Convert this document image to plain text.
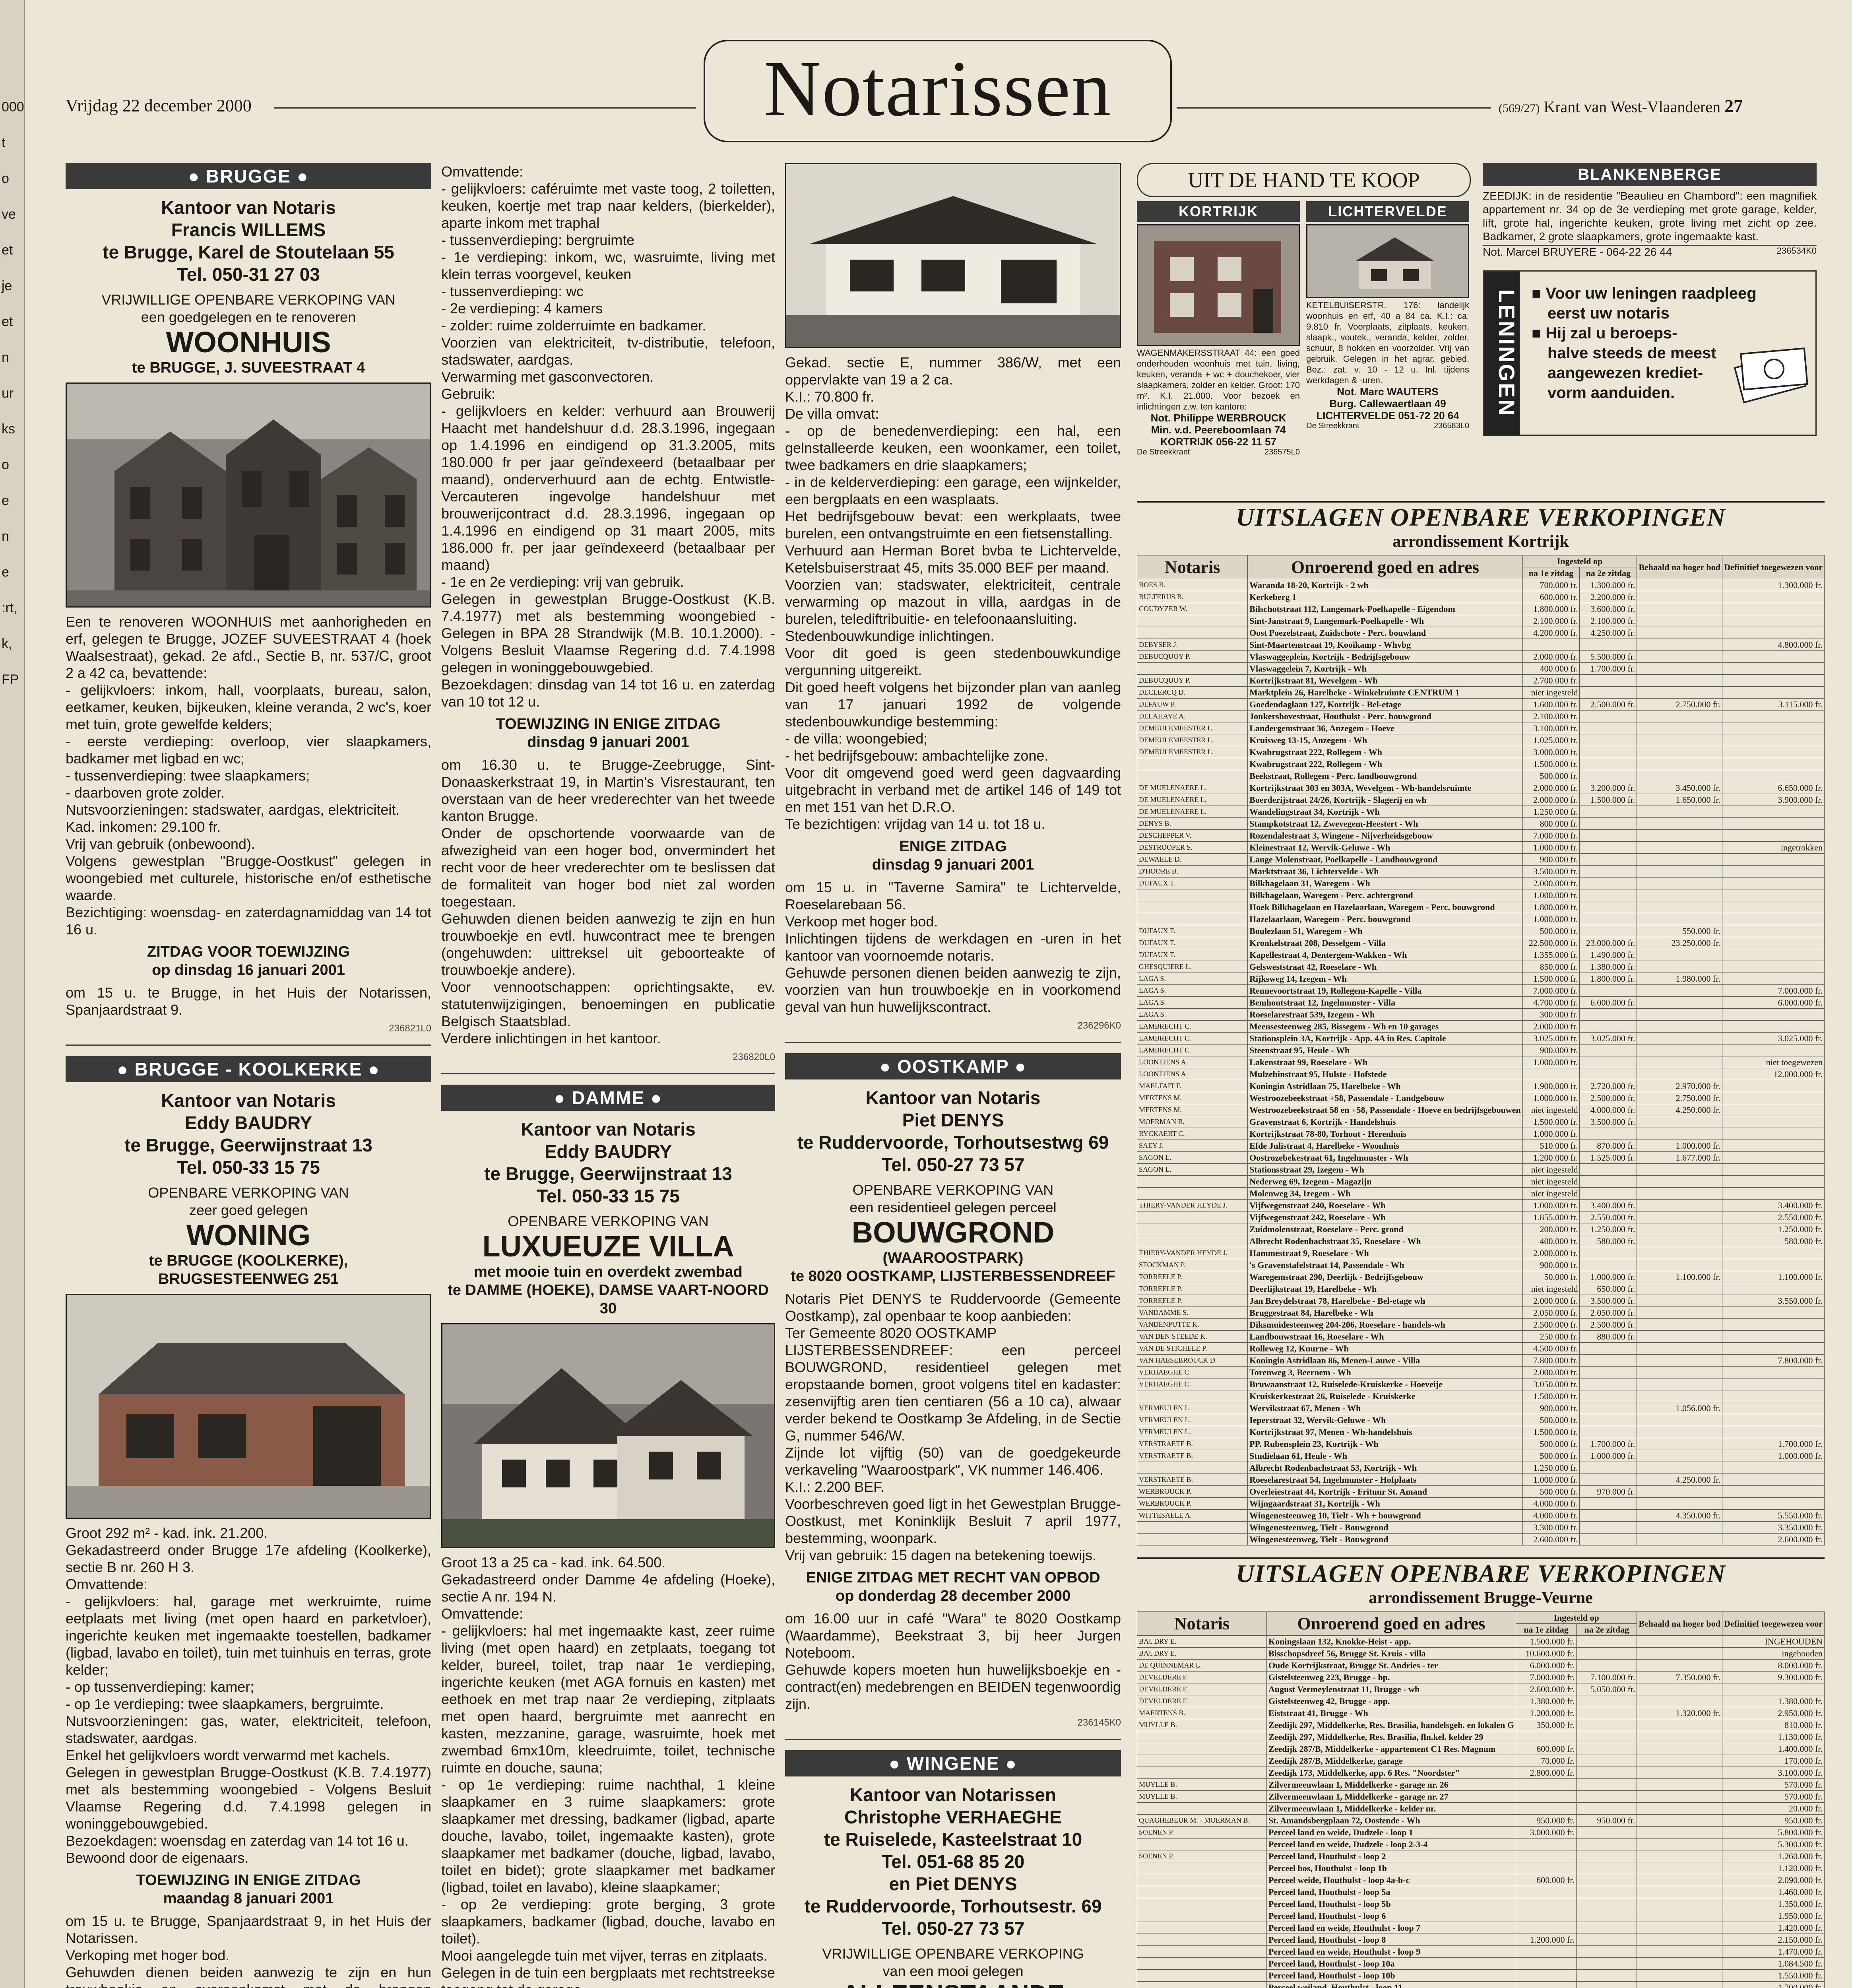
000
t
o
ve
et
je
et
n
ur
ks
o
e
n
e
:rt,
k,
FP
Vrijdag 22 december 2000	Notarissen	(569/27) Krant van West-Vlaanderen 27
● BRUGGE ●
Kantoor van Notaris
Francis WILLEMS
te Brugge, Karel de Stoutelaan 55
Tel. 050-31 27 03
VRIJWILLIGE OPENBARE VERKOPING VAN
een goedgelegen en te renoveren
WOONHUIS
te BRUGGE, J. SUVEESTRAAT 4
Een te renoveren WOONHUIS met aanhorigheden en erf, gelegen te Brugge, JOZEF SUVEESTRAAT 4 (hoek Waalsestraat), gekad. 2e afd., Sectie B, nr. 537/C, groot 2 a 42 ca, bevattende:
- gelijkvloers: inkom, hall, voorplaats, bureau, salon, eetkamer, keuken, bijkeuken, kleine veranda, 2 wc's, koer met tuin, grote gewelfde kelders;
- eerste verdieping: overloop, vier slaapkamers, badkamer met ligbad en wc;
- tussenverdieping: twee slaapkamers;
- daarboven grote zolder.
Nutsvoorzieningen: stadswater, aardgas, elektriciteit.
Kad. inkomen: 29.100 fr.
Vrij van gebruik (onbewoond).
Volgens gewestplan "Brugge-Oostkust" gelegen in woongebied met culturele, historische en/of esthetische waarde.
Bezichtiging: woensdag- en zaterdagnamiddag van 14 tot 16 u.
ZITDAG VOOR TOEWIJZING
op dinsdag 16 januari 2001
om 15 u. te Brugge, in het Huis der Notarissen, Spanjaardstraat 9.
236821L0
● BRUGGE - KOOLKERKE ●
Kantoor van Notaris
Eddy BAUDRY
te Brugge, Geerwijnstraat 13
Tel. 050-33 15 75
OPENBARE VERKOPING VAN
zeer goed gelegen
WONING
te BRUGGE (KOOLKERKE),
BRUGSESTEENWEG 251
Groot 292 m² - kad. ink. 21.200.
Gekadastreerd onder Brugge 17e afdeling (Koolkerke), sectie B nr. 260 H 3.
Omvattende:
- gelijkvloers: hal, garage met werkruimte, ruime eetplaats met living (met open haard en parketvloer), ingerichte keuken met ingemaakte toestellen, badkamer (ligbad, lavabo en toilet), tuin met tuinhuis en terras, grote kelder;
- op tussenverdieping: kamer;
- op 1e verdieping: twee slaapkamers, bergruimte.
Nutsvoorzieningen: gas, water, elektriciteit, telefoon, stadswater, aardgas.
Enkel het gelijkvloers wordt verwarmd met kachels.
Gelegen in gewestplan Brugge-Oostkust (K.B. 7.4.1977) met als bestemming woongebied - Volgens Besluit Vlaamse Regering d.d. 7.4.1998 gelegen in woninggebouwgebied.
Bezoekdagen: woensdag en zaterdag van 14 tot 16 u.
Bewoond door de eigenaars.
TOEWIJZING IN ENIGE ZITDAG
maandag 8 januari 2001
om 15 u. te Brugge, Spanjaardstraat 9, in het Huis der Notarissen.
Verkoping met hoger bod.
Gehuwden dienen beiden aanwezig te zijn en hun

Omvattende:
- gelijkvloers: caféruimte met vaste toog, 2 toiletten, keuken, koertje met trap naar kelders, (bierkelder), aparte inkom met traphal
- tussenverdieping: bergruimte
- 1e verdieping: inkom, wc, wasruimte, living met klein terras voorgevel, keuken
- tussenverdieping: wc
- 2e verdieping: 4 kamers
- zolder: ruime zolderruimte en badkamer.
Voorzien van elektriciteit, tv-distributie, telefoon, stadswater, aardgas.
Verwarming met gasconvectoren.
Gebruik:
- gelijkvloers en kelder: verhuurd aan Brouwerij Haacht met handelshuur d.d. 28.3.1996, ingegaan op 1.4.1996 en eindigend op 31.3.2005, mits 180.000 fr per jaar geïndexeerd (betaalbaar per maand), onderverhuurd aan de echtg. Entwistle-Vercauteren ingevolge handelshuur met brouwerijcontract d.d. 28.3.1996, ingegaan op 1.4.1996 en eindigend op 31 maart 2005, mits 186.000 fr. per jaar geïndexeerd (betaalbaar per maand)
- 1e en 2e verdieping: vrij van gebruik.
Gelegen in gewestplan Brugge-Oostkust (K.B. 7.4.1977) met als bestemming woongebied - Gelegen in BPA 28 Strandwijk (M.B. 10.1.2000). - Volgens Besluit Vlaamse Regering d.d. 7.4.1998 gelegen in woninggebouwgebied.
Bezoekdagen: dinsdag van 14 tot 16 u. en zaterdag van 10 tot 12 u.
TOEWIJZING IN ENIGE ZITDAG
dinsdag 9 januari 2001
om 16.30 u. te Brugge-Zeebrugge, Sint-Donaaskerkstraat 19, in Martin's Visrestaurant, ten overstaan van de heer vrederechter van het tweede kanton Brugge.
Onder de opschortende voorwaarde van de afwezigheid van een hoger bod, onvermindert het recht voor de heer vrederechter om te beslissen dat de formaliteit van hoger bod niet zal worden toegestaan.
Gehuwden dienen beiden aanwezig te zijn en hun trouwboekje en evtl. huwcontract mee te brengen (ongehuwden: uittreksel uit geboorteakte of trouwboekje andere).
Voor vennootschappen: oprichtingsakte, ev. statutenwijzigingen, benoemingen en publicatie Belgisch Staatsblad.
Verdere inlichtingen in het kantoor.
236820L0
● DAMME ●
Kantoor van Notaris
Eddy BAUDRY
te Brugge, Geerwijnstraat 13
Tel. 050-33 15 75
OPENBARE VERKOPING VAN
LUXUEUZE VILLA
met mooie tuin en overdekt zwembad
te DAMME (HOEKE), DAMSE VAART-NOORD 30
Groot 13 a 25 ca - kad. ink. 64.500.
Gekadastreerd onder Damme 4e afdeling (Hoeke), sectie A nr. 194 N.
Omvattende:
- gelijkvloers: hal met ingemaakte kast, zeer ruime living (met open haard) en zetplaats, toegang tot kelder, bureel, toilet, trap naar 1e verdieping, ingerichte keuken (met AGA fornuis en kasten) met eethoek en met trap naar 2e verdieping, zitplaats met open haard, bergruimte met aanrecht en kasten, mezzanine, garage, wasruimte, hoek met zwembad 6mx10m, kleedruimte, toilet, technische ruimte en douche, sauna;
- op 1e verdieping: ruime nachthal, 1 kleine slaapkamer en 3 ruime slaapkamers: grote slaapkamer met dressing, badkamer (ligbad, aparte douche, lavabo, toilet, ingemaakte kasten), grote slaapkamer met badkamer (douche, ligbad, lavabo, toilet en bidet); grote slaapkamer met badkamer (ligbad, toilet en lavabo), kleine slaapkamer;
- op 2e verdieping: grote berging, 3 grote slaapkamers, badkamer (ligbad, douche, lavabo en toilet).
Mooi aangelegde tuin met vijver, terras en zitplaats.
Gelegen in de tuin een bergplaats met rechtstreekse

Gekad. sectie E, nummer 386/W, met een oppervlakte van 19 a 2 ca.
K.I.: 70.800 fr.
De villa omvat:
- op de benedenverdieping: een hal, een gelnstalleerde keuken, een woonkamer, een toilet, twee badkamers en drie slaapkamers;
- in de kelderverdieping: een garage, een wijnkelder, een bergplaats en een wasplaats.
Het bedrijfsgebouw bevat: een werkplaats, twee burelen, een ontvangstruimte en een fietsenstalling.
Verhuurd aan Herman Boret bvba te Lichtervelde, Ketelsbuiserstraat 45, mits 35.000 BEF per maand.
Voorzien van: stadswater, elektriciteit, centrale verwarming op mazout in villa, aardgas in de burelen, telediftribuitie- en telefoonaansluiting.
Stedenbouwkundige inlichtingen.
Voor dit goed is geen stedenbouwkundige vergunning uitgereikt.
Dit goed heeft volgens het bijzonder plan van aanleg van 17 januari 1992 de volgende stedenbouwkundige bestemming:
- de villa: woongebied;
- het bedrijfsgebouw: ambachtelijke zone.
Voor dit omgevend goed werd geen dagvaarding uitgebracht in verband met de artikel 146 of 149 tot en met 151 van het D.R.O.
Te bezichtigen: vrijdag van 14 u. tot 18 u.
ENIGE ZITDAG
dinsdag 9 januari 2001
om 15 u. in "Taverne Samira" te Lichtervelde, Roeselarebaan 56.
Verkoop met hoger bod.
Inlichtingen tijdens de werkdagen en -uren in het kantoor van voornoemde notaris.
Gehuwde personen dienen beiden aanwezig te zijn, voorzien van hun trouwboekje en in voorkomend geval van hun huwelijkscontract.
236296K0
● OOSTKAMP ●
Kantoor van Notaris
Piet DENYS
te Ruddervoorde, Torhoutsestwg 69
Tel. 050-27 73 57
OPENBARE VERKOPING VAN
een residentieel gelegen perceel
BOUWGROND
(WAAROOSTPARK)
te 8020 OOSTKAMP, LIJSTERBESSENDREEF
Notaris Piet DENYS te Ruddervoorde (Gemeente Oostkamp), zal openbaar te koop aanbieden:
Ter Gemeente 8020 OOSTKAMP
LIJSTERBESSENDREEF: een perceel BOUWGROND, residentieel gelegen met eropstaande bomen, groot volgens titel en kadaster: zesenvijftig aren tien centiaren (56 a 10 ca), alwaar verder bekend te Oostkamp 3e Afdeling, in de Sectie G, nummer 546/W.
Zijnde lot vijftig (50) van de goedgekeurde verkaveling "Waaroostpark", VK nummer 146.406.
K.I.: 2.200 BEF.
Voorbeschreven goed ligt in het Gewestplan Brugge-Oostkust, met Koninklijk Besluit 7 april 1977, bestemming, woonpark.
Vrij van gebruik: 15 dagen na betekening toewijs.
ENIGE ZITDAG MET RECHT VAN OPBOD
op donderdag 28 december 2000
om 16.00 uur in café "Wara" te 8020 Oostkamp (Waardamme), Beekstraat 3, bij heer Jurgen Noteboom.
Gehuwde kopers moeten hun huwelijksboekje en -contract(en) medebrengen en BEIDEN tegenwoordig zijn.
236145K0
● WINGENE ●
Kantoor van Notarissen
Christophe VERHAEGHE
te Ruiselede, Kasteelstraat 10
Tel. 051-68 85 20
en Piet DENYS
te Ruddervoorde, Torhoutsestr. 69
Tel. 050-27 73 57
VRIJWILLIGE OPENBARE VERKOPING
van een mooi gelegen
UIT DE HAND TE KOOP
KORTRIJK
WAGENMAKERSSTRAAT 44: een goed onderhouden woonhuis met tuin, living, keuken, veranda + wc + douchekoer, vier slaapkamers, zolder en kelder. Groot: 170 m². K.I. 21.000. Voor bezoek en inlichtingen z.w. ten kantore:
Not. Philippe WERBROUCK
Min. v.d. Peereboomlaan 74
KORTRIJK 056-22 11 57
De Streekkrant	236575L0
LICHTERVELDE
KETELBUISERSTR. 176: landelijk woonhuis en erf, 40 a 84 ca. K.I.: ca. 9.810 fr. Voorplaats, zitplaats, keuken, slaapk., voutek., veranda, kelder, zolder, schuur, 8 hokken en voorzolder. Vrij van gebruik. Gelegen in het agrar. gebied. Bez.: zat. v. 10 - 12 u. Inl. tijdens werkdagen & -uren.
Not. Marc WAUTERS
Burg. Callewaertlaan 49
LICHTERVELDE 051-72 20 64
De Streekkrant	236583L0
BLANKENBERGE
ZEEDIJK: in de residentie "Beaulieu en Chambord": een magnifiek appartement nr. 34 op de 3e verdieping met grote garage, kelder, lift, grote hal, ingerichte keuken, grote living met zicht op zee. Badkamer, 2 grote slaapkamers, grote ingemaakte kast.
Not. Marcel BRUYERE - 064-22 26 44	236534K0
LENINGEN ■ Voor uw leningen raadpleeg
eerst uw notaris
■ Hij zal u beroeps-
halve steeds de meest
aangewezen krediet-
vorm aanduiden.
UITSLAGEN OPENBARE VERKOPINGEN
arrondissement Kortrijk
Notaris	Onroerend goed en adres	Ingesteld op	Behaald na hoger bod	Definitief toegewezen voor
na 1e zitdag	na 2e zitdag
BOES B.	Waranda 18-20, Kortrijk - 2 wh	700.000 fr.	1.300.000 fr.		1.300.000 fr.
BULTERIJS B.	Kerkeberg 1	600.000 fr.	2.200.000 fr.		
COUDYZER W.	Bilschotstraat 112, Langemark-Poelkapelle - Eigendom	1.800.000 fr.	3.600.000 fr.		
	Sint-Janstraat 9, Langemark-Poelkapelle - Wh	2.100.000 fr.	2.100.000 fr.		
	Oost Poezelstraat, Zuidschote - Perc. bouwland	4.200.000 fr.	4.250.000 fr.		
DEBYSER J.	Sint-Maartenstraat 19, Kooikamp - Whvbg				4.800.000 fr.
DEBUCQUOY P.	Vlaswaggeplein, Kortrijk - Bedrijfsgebouw	2.000.000 fr.	5.500.000 fr.		
	Vlaswaggelein 7, Kortrijk - Wh	400.000 fr.	1.700.000 fr.		
DEBUCQUOY P.	Kortrijkstraat 81, Wevelgem - Wh	2.700.000 fr.			
DECLERCQ D.	Marktplein 26, Harelbeke - Winkelruimte CENTRUM 1	niet ingesteld			
DEFAUW P.	Goedendaglaan 127, Kortrijk - Bel-etage	1.600.000 fr.	2.500.000 fr.	2.750.000 fr.	3.115.000 fr.
DELAHAYE A.	Jonkershovestraat, Houthulst - Perc. bouwgrond	2.100.000 fr.			
DEMEULEMEESTER L.	Landergemstraat 36, Anzegem - Hoeve	3.100.000 fr.			
DEMEULEMEESTER L.	Kruisweg 13-15, Anzegem - Wh	1.025.000 fr.			
DEMEULEMEESTER L.	Kwabrugstraat 222, Rollegem - Wh	3.000.000 fr.			
	Kwabrugstraat 222, Rollegem - Wh	1.500.000 fr.			
	Beekstraat, Rollegem - Perc. landbouwgrond	500.000 fr.			
DE MUELENAERE L.	Kortrijkstraat 303 en 303A, Wevelgem - Wh-handelsruimte	2.000.000 fr.	3.200.000 fr.	3.450.000 fr.	6.650.000 fr.
DE MUELENAERE L.	Boerderijstraat 24/26, Kortrijk - Slagerij en wh	2.000.000 fr.	1.500.000 fr.	1.650.000 fr.	3.900.000 fr.
DE MUELENAERE L.	Wandelingstraat 34, Kortrijk - Wh	1.250.000 fr.			
DENYS B.	Stampkotstraat 12, Zwevegem-Heestert - Wh	800.000 fr.			
DESCHEPPER V.	Rozendalestraat 3, Wingene - Nijverheidsgebouw	7.000.000 fr.			
DESTROOPER S.	Kleinestraat 12, Wervik-Geluwe - Wh	1.000.000 fr.			ingetrokken
DEWAELE D.	Lange Molenstraat, Poelkapelle - Landbouwgrond	900.000 fr.			
D'HOORE B.	Marktstraat 36, Lichtervelde - Wh	3.500.000 fr.			
DUFAUX T.	Bilkhagelaan 31, Waregem - Wh	2.000.000 fr.			
	Bilkhagelaan, Waregem - Perc. achtergrond	1.000.000 fr.			
	Hoek Bilkhagelaan en Hazelaarlaan, Waregem - Perc. bouwgrond	1.800.000 fr.			
	Hazelaarlaan, Waregem - Perc. bouwgrond	1.000.000 fr.			
DUFAUX T.	Boulezlaan 51, Waregem - Wh	500.000 fr.		550.000 fr.	
DUFAUX T.	Kronkelstraat 208, Desselgem - Villa	22.500.000 fr.	23.000.000 fr.	23.250.000 fr.	
DUFAUX T.	Kapellestraat 4, Dentergem-Wakken - Wh	1.355.000 fr.	1.490.000 fr.		
GHESQUIERE L.	Gelsweststraat 42, Roeselare - Wh	850.000 fr.	1.380.000 fr.		
LAGA S.	Rijksweg 14, Izegem - Wh	1.500.000 fr.	1.800.000 fr.	1.980.000 fr.	
LAGA S.	Rennevoortstraat 19, Rollegem-Kapelle - Villa	7.000.000 fr.			7.000.000 fr.
LAGA S.	Bemhoutstraat 12, Ingelmunster - Villa	4.700.000 fr.	6.000.000 fr.		6.000.000 fr.
LAGA S.	Roeselarestraat 539, Izegem - Wh	300.000 fr.			
LAMBRECHT C.	Meensesteenweg 285, Bissegem - Wh en 10 garages	2.000.000 fr.			
LAMBRECHT C.	Stationsplein 3A, Kortrijk - App. 4A in Res. Capitole	3.025.000 fr.	3.025.000 fr.		3.025.000 fr.
LAMBRECHT C.	Steenstraat 95, Heule - Wh	900.000 fr.			
LOONTJENS A.	Lakenstraat 99, Roeselare - Wh	1.000.000 fr.			niet toegewezen
LOONTJENS A.	Mulzebinstraat 95, Hulste - Hofstede				12.000.000 fr.
MAELFAIT F.	Koningin Astridlaan 75, Harelbeke - Wh	1.900.000 fr.	2.720.000 fr.	2.970.000 fr.	
MERTENS M.	Westroozebeekstraat +58, Passendale - Landgebouw	1.000.000 fr.	2.500.000 fr.	2.750.000 fr.	
MERTENS M.	Westroozebeekstraat 58 en +58, Passendale - Hoeve en bedrijfsgebouwen	niet ingesteld	4.000.000 fr.	4.250.000 fr.	
MOERMAN B.	Gravenstraat 6, Kortrijk - Handelshuis	1.500.000 fr.	3.500.000 fr.		
RYCKAERT C.	Kortrijkstraat 78-80, Torhout - Herenhuis	1.000.000 fr.			
SAEY J.	Efde Julistraat 4, Harelbeke - Woonhuis	510.000 fr.	870.000 fr.	1.000.000 fr.	
SAGON L.	Oostrozebekestraat 61, Ingelmunster - Wh	1.200.000 fr.	1.525.000 fr.	1.677.000 fr.	
SAGON L.	Stationsstraat 29, Izegem - Wh	niet ingesteld			
	Nederweg 69, Izegem - Magazijn	niet ingesteld			
	Molenweg 34, Izegem - Wh	niet ingesteld			
THIERY-VANDER HEYDE J.	Vijfwegenstraat 240, Roeselare - Wh	1.000.000 fr.	3.400.000 fr.		3.400.000 fr.
	Vijfwegenstraat 242, Roeselare - Wh	1.855.000 fr.	2.550.000 fr.		2.550.000 fr.
	Zuidmolenstraat, Roeselare - Perc. grond	200.000 fr.	1.250.000 fr.		1.250.000 fr.
	Albrecht Rodenbachstraat 35, Roeselare - Wh	400.000 fr.	580.000 fr.		580.000 fr.
THIERY-VANDER HEYDE J.	Hammestraat 9, Roeselare - Wh	2.000.000 fr.			
STOCKMAN P.	's Gravenstafelstraat 14, Passendale - Wh	900.000 fr.			
TORREELE P.	Waregemstraat 290, Deerlijk - Bedrijfsgebouw	50.000 fr.	1.000.000 fr.	1.100.000 fr.	1.100.000 fr.
TORREELE P.	Deerlijkstraat 19, Harelbeke - Wh	niet ingesteld	650.000 fr.		
TORREELE P.	Jan Breydelstraat 78, Harelbeke - Bel-etage wh	2.000.000 fr.	3.500.000 fr.		3.550.000 fr.
VANDAMME S.	Bruggestraat 84, Harelbeke - Wh	2.050.000 fr.	2.050.000 fr.		
VANDENPUTTE K.	Diksmuidesteenweg 204-206, Roeselare - handels-wh	2.500.000 fr.	2.500.000 fr.		
VAN DEN STEEDE K.	Landbouwstraat 16, Roeselare - Wh	250.000 fr.	880.000 fr.		
VAN DE STICHELE P.	Rolleweg 12, Kuurne - Wh	4.500.000 fr.			
VAN HAESEBROUCK D.	Koningin Astridlaan 86, Menen-Lauwe - Villa	7.800.000 fr.			7.800.000 fr.
VERHAEGHE C.	Torenweg 3, Beernem - Wh	2.000.000 fr.			
VERHAEGHE C.	Bruwaanstraat 12, Ruiselede-Kruiskerke - Hoeveije	3.050.000 fr.			
	Kruiskerkestraat 26, Ruiselede - Kruiskerke	1.500.000 fr.			
VERMEULEN L.	Wervikstraat 67, Menen - Wh	900.000 fr.		1.056.000 fr.	
VERMEULEN L.	Ieperstraat 32, Wervik-Geluwe - Wh	500.000 fr.			
VERMEULEN L.	Kortrijkstraat 97, Menen - Wh-handelshuis	1.500.000 fr.			
VERSTRAETE B.	PP. Rubensplein 23, Kortrijk - Wh	500.000 fr.	1.700.000 fr.		1.700.000 fr.
VERSTRAETE B.	Studielaan 61, Heule - Wh	500.000 fr.	1.000.000 fr.		1.000.000 fr.
	Albrecht Rodenbachstraat 53, Kortrijk - Wh	1.250.000 fr.			
VERSTRAETE B.	Roeselarestraat 54, Ingelmunster - Hofplaats	1.000.000 fr.		4.250.000 fr.	
WERBROUCK P.	Overleiestraat 44, Kortrijk - Frituur St. Amand	500.000 fr.	970.000 fr.		
WERBROUCK P.	Wijngaardstraat 31, Kortrijk - Wh	4.000.000 fr.			
WITTESAELE A.	Wingenesteenweg 10, Tielt - Wh + bouwgrond	4.000.000 fr.		4.350.000 fr.	5.550.000 fr.
	Wingenesteenweg, Tielt - Bouwgrond	3.300.000 fr.			3.350.000 fr.
	Wingenesteenweg, Tielt - Bouwgrond	2.600.000 fr.			2.600.000 fr.
UITSLAGEN OPENBARE VERKOPINGEN
arrondissement Brugge-Veurne
Notaris	Onroerend goed en adres	Ingesteld op	Behaald na hoger bod	Definitief toegewezen voor
na 1e zitdag	na 2e zitdag
BAUDRY E.	Koningslaan 132, Knokke-Heist - app.	1.500.000 fr.			INGEHOUDEN
BAUDRY E.	Bisschopsdreef 56, Brugge St. Kruis - villa	10.600.000 fr.			ingehouden
DE QUINNEMAR L.	Oude Kortrijkstraat, Brugge St. Andries - ter	6.000.000 fr.			8.000.000 fr.
DEVELDERE F.	Gistelsteenweg 223, Brugge - bp.	7.000.000 fr.	7.100.000 fr.	7.350.000 fr.	9.300.000 fr.
DEVELDERE F.	August Vermeylenstraat 11, Brugge - wh	2.600.000 fr.	5.050.000 fr.		
DEVELDERE F.	Gistelsteenweg 42, Brugge - app.	1.380.000 fr.			1.380.000 fr.
MAERTENS B.	Eiststraat 41, Brugge - Wh	1.200.000 fr.		1.320.000 fr.	2.950.000 fr.
MUYLLE B.	Zeedijk 297, Middelkerke, Res. Brasilia, handelsgeh. en lokalen G	350.000 fr.			810.000 fr.
	Zeedijk 297, Middelkerke, Res. Brasilia, fln.kel. kelder 29				1.130.000 fr.
	Zeedijk 287/B, Middelkerke - appartement C1 Res. Magnum	600.000 fr.			1.400.000 fr.
	Zeedijk 287/B, Middelkerke, garage	70.000 fr.			170.000 fr.
	Zeedijk 173, Middelkerke, app. 6 Res. "Noordster"	2.800.000 fr.			3.100.000 fr.
MUYLLE B.	Zilvermeeuwlaan 1, Middelkerke - garage nr. 26				570.000 fr.
MUYLLE B.	Zilvermeeuwlaan 1, Middelkerke - garage nr. 27				570.000 fr.
	Zilvermeeuwlaan 1, Middelkerke - kelder nr.				20.000 fr.
QUAGHEBEUR M. - MOERMAN B.	St. Amandsbergplaan 72, Oostende - Wh	950.000 fr.	950.000 fr.		950.000 fr.
SOENEN P.	Perceel land en weide, Dudzele - loop 1	3.000.000 fr.			5.800.000 fr.
	Perceel land en weide, Dudzele - loop 2-3-4				5.300.000 fr.
SOENEN P.	Perceel land, Houthulst - loop 2				1.260.000 fr.
	Perceel bos, Houthulst - loop 1b				1.120.000 fr.
	Perceel weide, Houthulst - loop 4a-b-c	600.000 fr.			2.090.000 fr.
	Perceel land, Houthulst - loop 5a				1.460.000 fr.
	Perceel land, Houthulst - loop 5b				1.350.000 fr.
	Perceel land, Houthulst - loop 6				1.950.000 fr.
	Perceel land en weide, Houthulst - loop 7				1.420.000 fr.
	Perceel land, Houthulst - loop 8	1.200.000 fr.			2.150.000 fr.
	Perceel land en weide, Houthulst - loop 9				1.470.000 fr.
	Perceel land, Houthulst - loop 10a				1.084.500 fr.
	Perceel land, Houthulst - loop 10b				1.550.000 fr.
	Perceel weiland, Houthulst - loop 11				1.700.000 fr.
